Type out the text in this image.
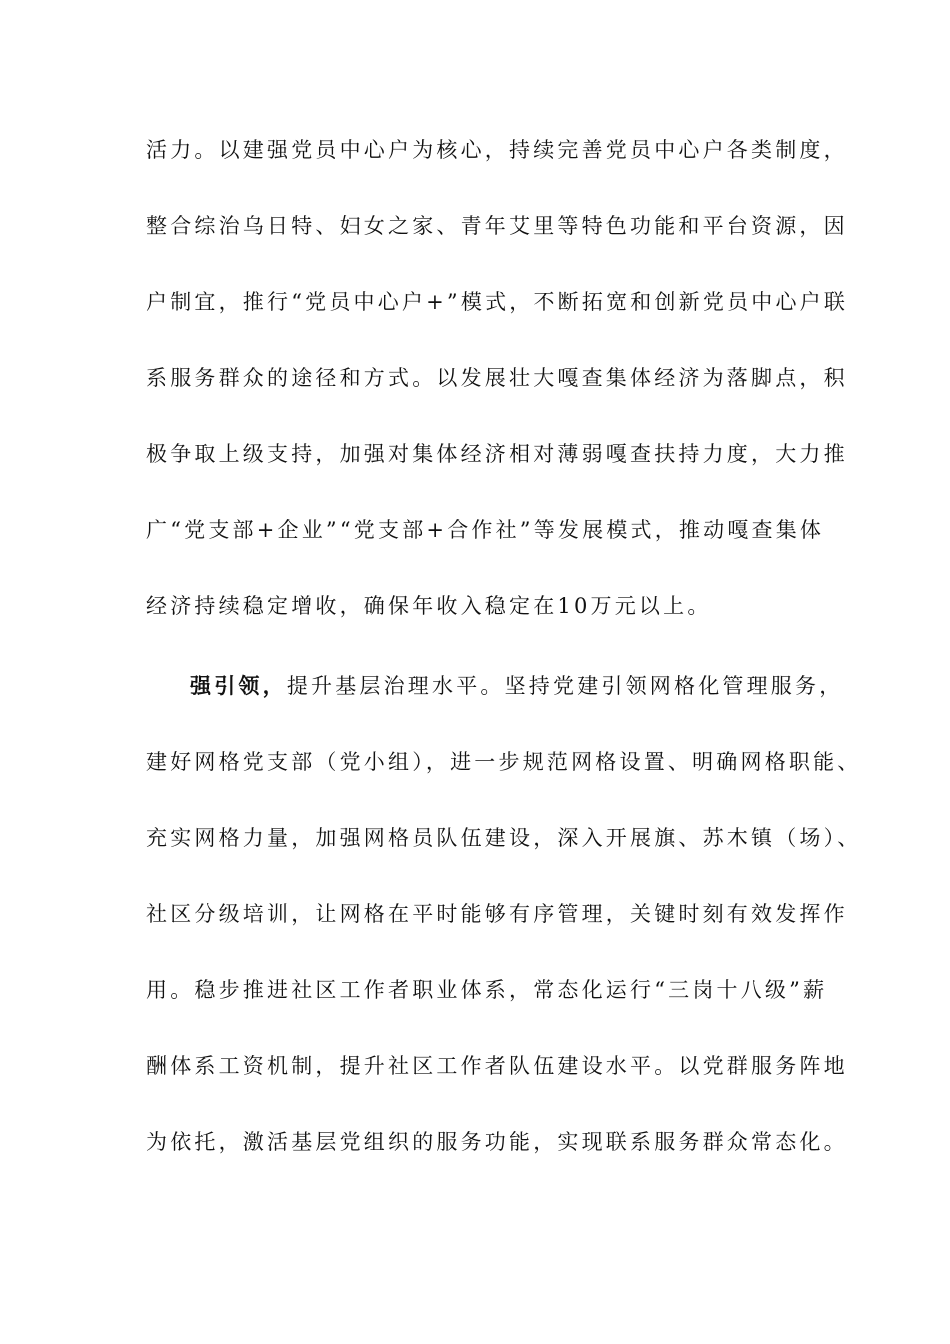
活力。以建强党员中心户为核心，持续完善党员中心户各类制度，
整合综治乌日特、妇女之家、青年艾里等特色功能和平台资源，因
户制宜，推行“党员中心户+”模式，不断拓宽和创新党员中心户联
系服务群众的途径和方式。以发展壮大嘎查集体经济为落脚点，积
极争取上级支持，加强对集体经济相对薄弱嘎查扶持力度，大力推
广“党支部+企业”“党支部+合作社”等发展模式，推动嘎查集体
经济持续稳定增收，确保年收入稳定在10万元以上。
强引领，提升基层治理水平。坚持党建引领网格化管理服务，
建好网格党支部（党小组），进一步规范网格设置、明确网格职能、
充实网格力量，加强网格员队伍建设，深入开展旗、苏木镇（场）、
社区分级培训，让网格在平时能够有序管理，关键时刻有效发挥作
用。稳步推进社区工作者职业体系，常态化运行“三岗十八级”薪
酬体系工资机制，提升社区工作者队伍建设水平。以党群服务阵地
为依托，激活基层党组织的服务功能，实现联系服务群众常态化。
